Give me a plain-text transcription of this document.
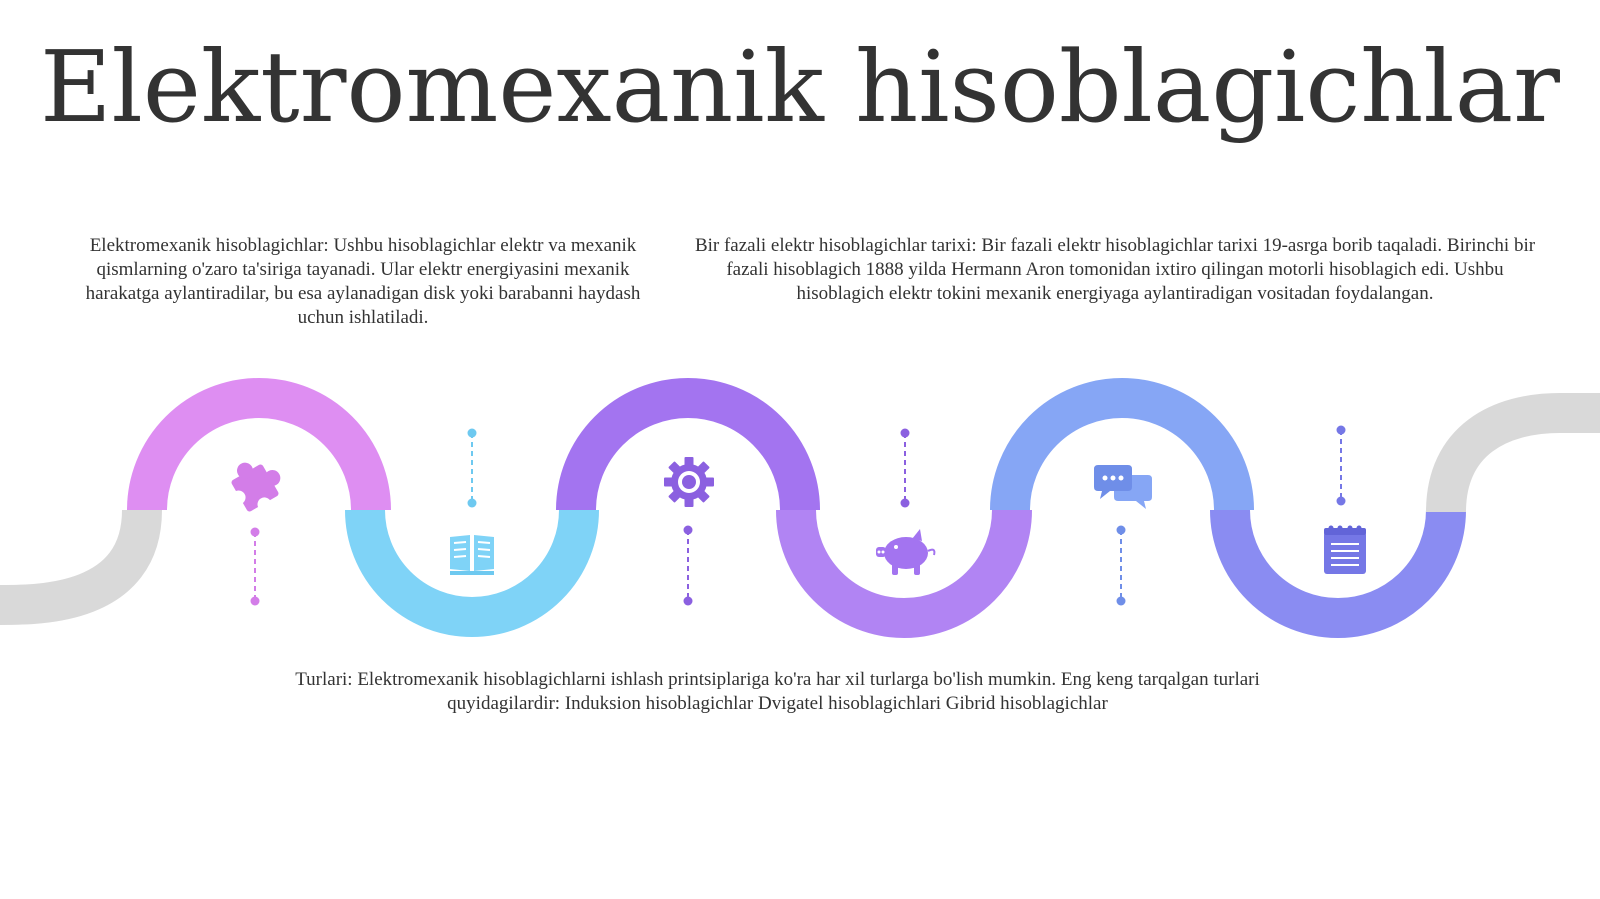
Elektromexanik hisoblagichlar
Elektromexanik hisoblagichlar: Ushbu hisoblagichlar elektr va mexanik qismlarning o'zaro ta'siriga tayanadi. Ular elektr energiyasini mexanik harakatga aylantiradilar, bu esa aylanadigan disk yoki barabanni haydash uchun ishlatiladi.
Bir fazali elektr hisoblagichlar tarixi: Bir fazali elektr hisoblagichlar tarixi 19-asrga borib taqaladi. Birinchi bir fazali hisoblagich 1888 yilda Hermann Aron tomonidan ixtiro qilingan motorli hisoblagich edi. Ushbu hisoblagich elektr tokini mexanik energiyaga aylantiradigan vositadan foydalangan.
Turlari: Elektromexanik hisoblagichlarni ishlash printsiplariga ko'ra har xil turlarga bo'lish mumkin. Eng keng tarqalgan turlari quyidagilardir: Induksion hisoblagichlar Dvigatel hisoblagichlari Gibrid hisoblagichlar
